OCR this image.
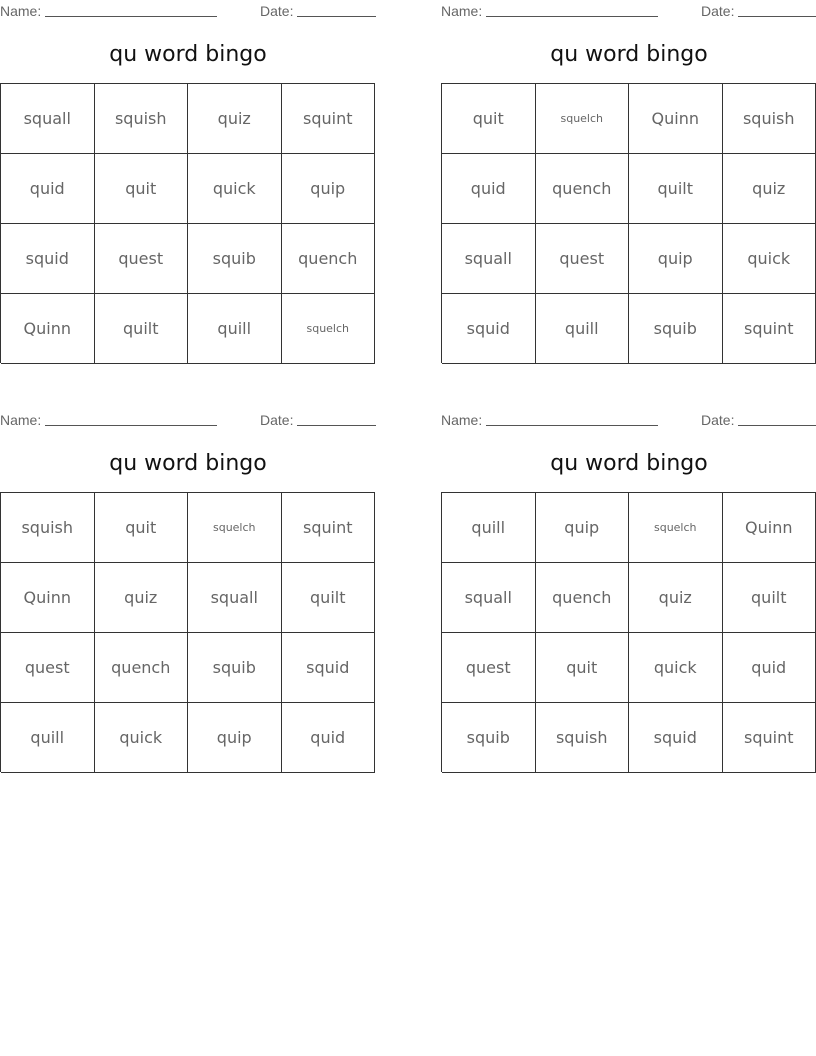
Name:	Date:
qu word bingo
squall	squish	quiz	squint
quid	quit	quick	quip
squid	quest	squib	quench
Quinn	quilt	quill	squelch
Name:	Date:
qu word bingo
quit	squelch	Quinn	squish
quid	quench	quilt	quiz
squall	quest	quip	quick
squid	quill	squib	squint
Name:	Date:
qu word bingo
squish	quit	squelch	squint
Quinn	quiz	squall	quilt
quest	quench	squib	squid
quill	quick	quip	quid
Name:	Date:
qu word bingo
quill	quip	squelch	Quinn
squall	quench	quiz	quilt
quest	quit	quick	quid
squib	squish	squid	squint
